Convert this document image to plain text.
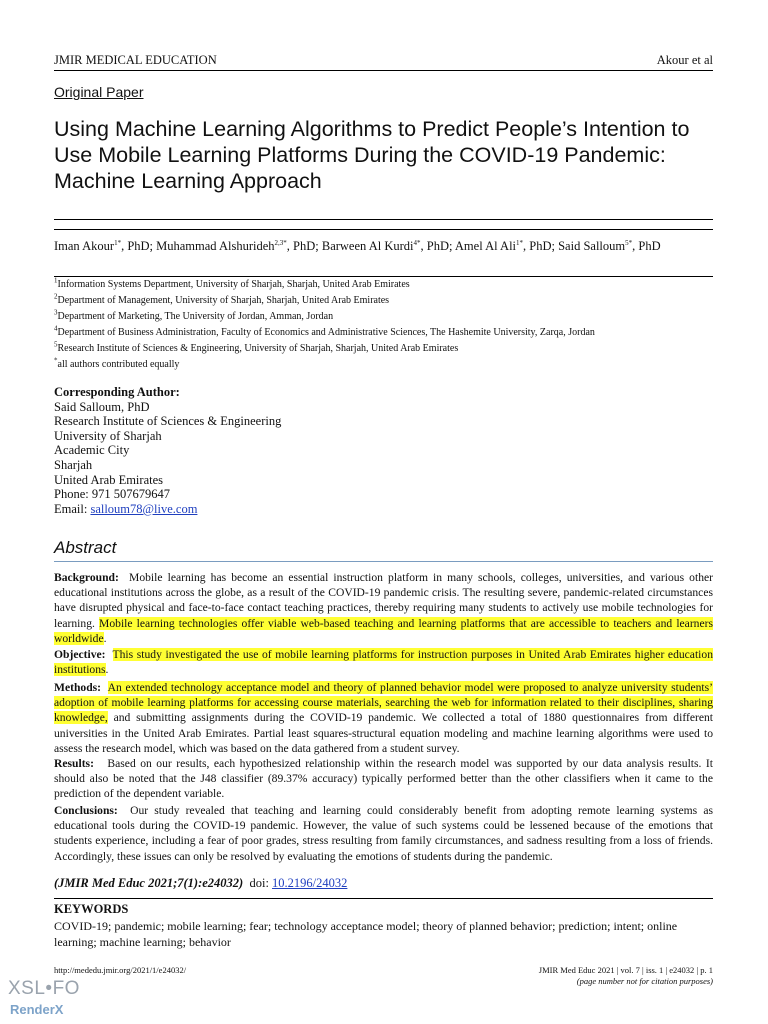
JMIR MEDICAL EDUCATION	Akour et al
Original Paper
Using Machine Learning Algorithms to Predict People’s Intention to Use Mobile Learning Platforms During the COVID-19 Pandemic: Machine Learning Approach
Iman Akour$^{1*}$, PhD; Muhammad Alshurideh$^{2,3*}$, PhD; Barween Al Kurdi$^{4*}$, PhD; Amel Al Ali$^{1*}$, PhD; Said Salloum$^{5*}$, PhD
$^1$Information Systems Department, University of Sharjah, Sharjah, United Arab Emirates
$^2$Department of Management, University of Sharjah, Sharjah, United Arab Emirates
$^3$Department of Marketing, The University of Jordan, Amman, Jordan
$^4$Department of Business Administration, Faculty of Economics and Administrative Sciences, The Hashemite University, Zarqa, Jordan
$^5$Research Institute of Sciences & Engineering, University of Sharjah, Sharjah, United Arab Emirates
*all authors contributed equally
Corresponding Author:
Said Salloum, PhD
Research Institute of Sciences & Engineering
University of Sharjah
Academic City
Sharjah
United Arab Emirates
Phone: 971 507679647
Email: salloum78@live.com
Abstract
Background: Mobile learning has become an essential instruction platform in many schools, colleges, universities, and various other educational institutions across the globe, as a result of the COVID-19 pandemic crisis. The resulting severe, pandemic-related circumstances have disrupted physical and face-to-face contact teaching practices, thereby requiring many students to actively use mobile technologies for learning. Mobile learning technologies offer viable web-based teaching and learning platforms that are accessible to teachers and learners worldwide.
Objective: This study investigated the use of mobile learning platforms for instruction purposes in United Arab Emirates higher education institutions.
Methods: An extended technology acceptance model and theory of planned behavior model were proposed to analyze university students’ adoption of mobile learning platforms for accessing course materials, searching the web for information related to their disciplines, sharing knowledge, and submitting assignments during the COVID-19 pandemic. We collected a total of 1880 questionnaires from different universities in the United Arab Emirates. Partial least squares-structural equation modeling and machine learning algorithms were used to assess the research model, which was based on the data gathered from a student survey.
Results: Based on our results, each hypothesized relationship within the research model was supported by our data analysis results. It should also be noted that the J48 classifier (89.37% accuracy) typically performed better than the other classifiers when it came to the prediction of the dependent variable.
Conclusions: Our study revealed that teaching and learning could considerably benefit from adopting remote learning systems as educational tools during the COVID-19 pandemic. However, the value of such systems could be lessened because of the emotions that students experience, including a fear of poor grades, stress resulting from family circumstances, and sadness resulting from a loss of friends. Accordingly, these issues can only be resolved by evaluating the emotions of students during the pandemic.
(JMIR Med Educ 2021;7(1):e24032) doi: 10.2196/24032
KEYWORDS
COVID-19; pandemic; mobile learning; fear; technology acceptance model; theory of planned behavior; prediction; intent; online learning; machine learning; behavior
http://mededu.jmir.org/2021/1/e24032/	JMIR Med Educ 2021 | vol. 7 | iss. 1 | e24032 | p. 1
(page number not for citation purposes)
XSL•FO
RenderX
